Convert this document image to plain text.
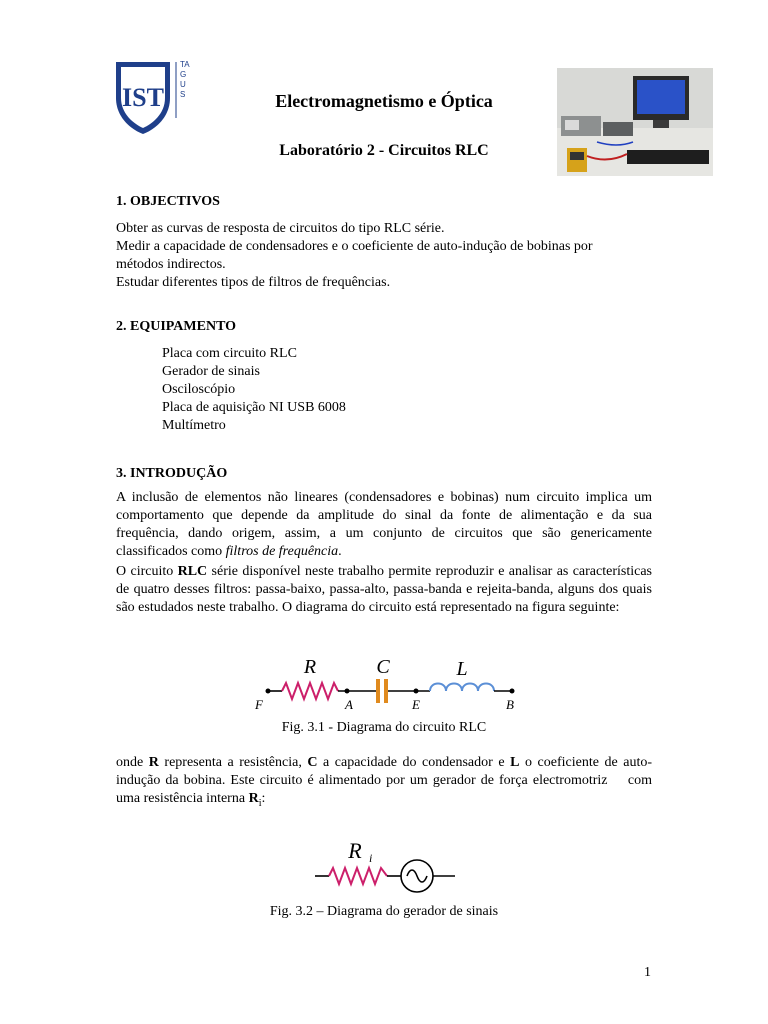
IST
TAGUS	Electromagnetismo e Óptica
Laboratório 2 - Circuitos RLC
1. OBJECTIVOS

Obter as curvas de resposta de circuitos do tipo RLC série.

Medir a capacidade de condensadores e o coeficiente de auto-indução de bobinas por

métodos indirectos.

Estudar diferentes tipos de filtros de frequências.

2. EQUIPAMENTO
Placa com circuito RLC
Gerador de sinais
Osciloscópio
Placa de aquisição NI USB 6008
Multímetro
3. INTRODUÇÃO

A inclusão de elementos não lineares (condensadores e bobinas) num circuito implica um comportamento que depende da amplitude do sinal da fonte de alimentação e da sua frequência, dando origem, assim, a um conjunto de circuitos que são genericamente classificados como filtros de frequência.

O circuito RLC série disponível neste trabalho permite reproduzir e analisar as características de quatro desses filtros: passa-baixo, passa-alto, passa-banda e rejeita-banda, alguns dos quais são estudados neste trabalho. O diagrama do circuito está representado na figura seguinte:

R	C	L
F	A	E	B
Fig. 3.1 - Diagrama do circuito RLC

onde R representa a resistência, C a capacidade do condensador e L o coeficiente de auto-indução da bobina. Este circuito é alimentado por um gerador de força electromotriz    com uma resistência interna $R_i$:

R i
Fig. 3.2 – Diagrama do gerador de sinais
1
